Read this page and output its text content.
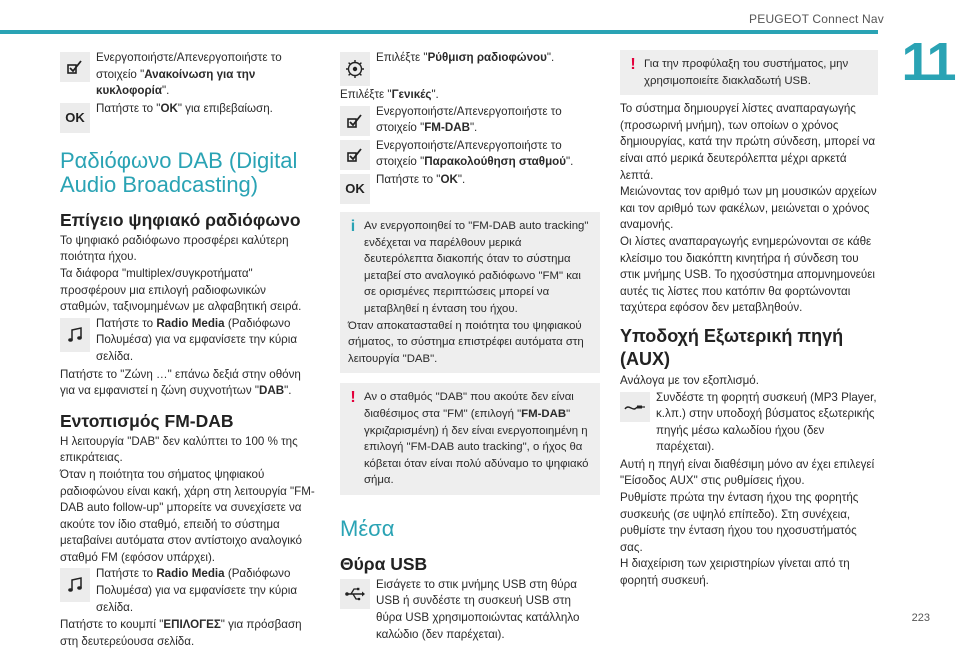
PEUGEOT Connect Nav
11
223
Ενεργοποιήστε/Απενεργοποιήστε το στοιχείο "Ανακοίνωση για την κυκλοφορία".
OK
Πατήστε το "OK" για επιβεβαίωση.
Ραδιόφωνο DAB (Digital Audio Broadcasting)
Επίγειο ψηφιακό ραδιόφωνο

Το ψηφιακό ραδιόφωνο προσφέρει καλύτερη ποιότητα ήχου.

Τα διάφορα "multiplex/συγκροτήματα" προσφέρουν μια επιλογή ραδιοφωνικών σταθμών, ταξινομημένων με αλφαβητική σειρά.

Πατήστε το Radio Media (Ραδιόφωνο Πολυμέσα) για να εμφανίσετε την κύρια σελίδα.

Πατήστε το "Ζώνη …" επάνω δεξιά στην οθόνη για να εμφανιστεί η ζώνη συχνοτήτων "DAB".

Εντοπισμός FM-DAB

Η λειτουργία "DAB" δεν καλύπτει το 100 % της επικράτειας.

Όταν η ποιότητα του σήματος ψηφιακού ραδιοφώνου είναι κακή, χάρη στη λειτουργία "FM-DAB auto follow-up" μπορείτε να συνεχίσετε να ακούτε τον ίδιο σταθμό, επειδή το σύστημα μεταβαίνει αυτόματα στον αντίστοιχο αναλογικό σταθμό FM (εφόσον υπάρχει).

Πατήστε το Radio Media (Ραδιόφωνο Πολυμέσα) για να εμφανίσετε την κύρια σελίδα.

Πατήστε το κουμπί "ΕΠΙΛΟΓΕΣ" για πρόσβαση στη δευτερεύουσα σελίδα.

Επιλέξτε "Ρύθμιση ραδιοφώνου".

Επιλέξτε "Γενικές".

Ενεργοποιήστε/Απενεργοποιήστε το στοιχείο "FM-DAB".
Ενεργοποιήστε/Απενεργοποιήστε το στοιχείο "Παρακολούθηση σταθμού".
OK
Πατήστε το "OK".
i Αν ενεργοποιηθεί το "FM-DAB auto tracking" ενδέχεται να παρέλθουν μερικά δευτερόλεπτα διακοπής όταν το σύστημα μεταβεί στο αναλογικό ραδιόφωνο "FM" και σε ορισμένες περιπτώσεις μπορεί να μεταβληθεί η ένταση του ήχου.

Όταν αποκατασταθεί η ποιότητα του ψηφιακού σήματος, το σύστημα επιστρέφει αυτόματα στη λειτουργία "DAB".

! Αν ο σταθμός "DAB" που ακούτε δεν είναι διαθέσιμος στα "FM" (επιλογή "FM-DAB" γκριζαρισμένη) ή δεν είναι ενεργοποιημένη η επιλογή "FM-DAB auto tracking", ο ήχος θα κόβεται όταν είναι πολύ αδύναμο το ψηφιακό σήμα.

Μέσα
Θύρα USB
Εισάγετε το στικ μνήμης USB στη θύρα USB ή συνδέστε τη συσκευή USB στη θύρα USB χρησιμοποιώντας κατάλληλο καλώδιο (δεν παρέχεται).
! Για την προφύλαξη του συστήματος, μην χρησιμοποιείτε διακλαδωτή USB.

Το σύστημα δημιουργεί λίστες αναπαραγωγής (προσωρινή μνήμη), των οποίων ο χρόνος δημιουργίας, κατά την πρώτη σύνδεση, μπορεί να είναι από μερικά δευτερόλεπτα μέχρι αρκετά λεπτά.

Μειώνοντας τον αριθμό των μη μουσικών αρχείων και τον αριθμό των φακέλων, μειώνεται ο χρόνος αναμονής.

Οι λίστες αναπαραγωγής ενημερώνονται σε κάθε κλείσιμο του διακόπτη κινητήρα ή σύνδεση του στικ μνήμης USB. Το ηχοσύστημα απομνημονεύει αυτές τις λίστες που κατόπιν θα φορτώνονται ταχύτερα εφόσον δεν μεταβληθούν.

Υποδοχή Εξωτερική πηγή (AUX)

Ανάλογα με τον εξοπλισμό.

Συνδέστε τη φορητή συσκευή (MP3 Player, κ.λπ.) στην υποδοχή βύσματος εξωτερικής πηγής μέσω καλωδίου ήχου (δεν παρέχεται).

Αυτή η πηγή είναι διαθέσιμη μόνο αν έχει επιλεγεί "Είσοδος AUX" στις ρυθμίσεις ήχου.

Ρυθμίστε πρώτα την ένταση ήχου της φορητής συσκευής (σε υψηλό επίπεδο). Στη συνέχεια, ρυθμίστε την ένταση ήχου του ηχοσυστήματός σας.

Η διαχείριση των χειριστηρίων γίνεται από τη φορητή συσκευή.
